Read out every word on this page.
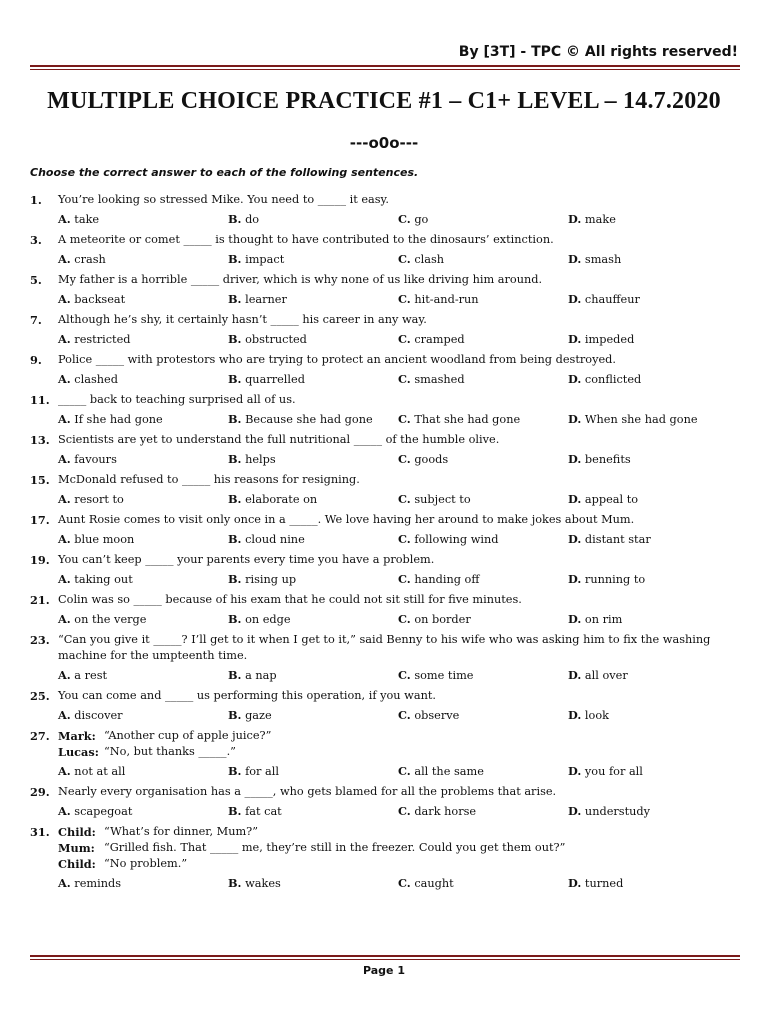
By [3T] - TPC © All rights reserved!
MULTIPLE CHOICE PRACTICE #1 – C1+ LEVEL – 14.7.2020
---o0o---
Choose the correct answer to each of the following sentences.
1. You’re looking so stressed Mike. You need to _____ it easy.
A. take	B. do	C. go	D. make
3. A meteorite or comet _____ is thought to have contributed to the dinosaurs’ extinction.
A. crash	B. impact	C. clash	D. smash
5. My father is a horrible _____ driver, which is why none of us like driving him around.
A. backseat	B. learner	C. hit-and-run	D. chauffeur
7. Although he’s shy, it certainly hasn’t _____ his career in any way.
A. restricted	B. obstructed	C. cramped	D. impeded
9. Police _____ with protestors who are trying to protect an ancient woodland from being destroyed.
A. clashed	B. quarrelled	C. smashed	D. conflicted
11. _____ back to teaching surprised all of us.
A. If she had gone	B. Because she had gone C. That she had gone	D. When she had gone
13. Scientists are yet to understand the full nutritional _____ of the humble olive.
A. favours	B. helps	C. goods	D. benefits
15. McDonald refused to _____ his reasons for resigning.
A. resort to	B. elaborate on	C. subject to	D. appeal to
17. Aunt Rosie comes to visit only once in a _____. We love having her around to make jokes about Mum.
A. blue moon	B. cloud nine	C. following wind	D. distant star
19. You can’t keep _____ your parents every time you have a problem.
A. taking out	B. rising up	C. handing off	D. running to
21. Colin was so _____ because of his exam that he could not sit still for five minutes.
A. on the verge	B. on edge	C. on border	D. on rim
23. “Can you give it _____? I’ll get to it when I get to it,” said Benny to his wife who was asking him to fix the washing machine for the umpteenth time.
A. a rest	B. a nap	C. some time	D. all over
25. You can come and _____ us performing this operation, if you want.
A. discover	B. gaze	C. observe	D. look
27. Mark: “Another cup of apple juice?”
Lucas: “No, but thanks _____.”
A. not at all	B. for all	C. all the same	D. you for all
29. Nearly every organisation has a _____, who gets blamed for all the problems that arise.
A. scapegoat	B. fat cat	C. dark horse	D. understudy
31. Child: “What’s for dinner, Mum?”
Mum: “Grilled fish. That _____ me, they’re still in the freezer. Could you get them out?”
Child: “No problem.”
A. reminds	B. wakes	C. caught	D. turned
Page 1
